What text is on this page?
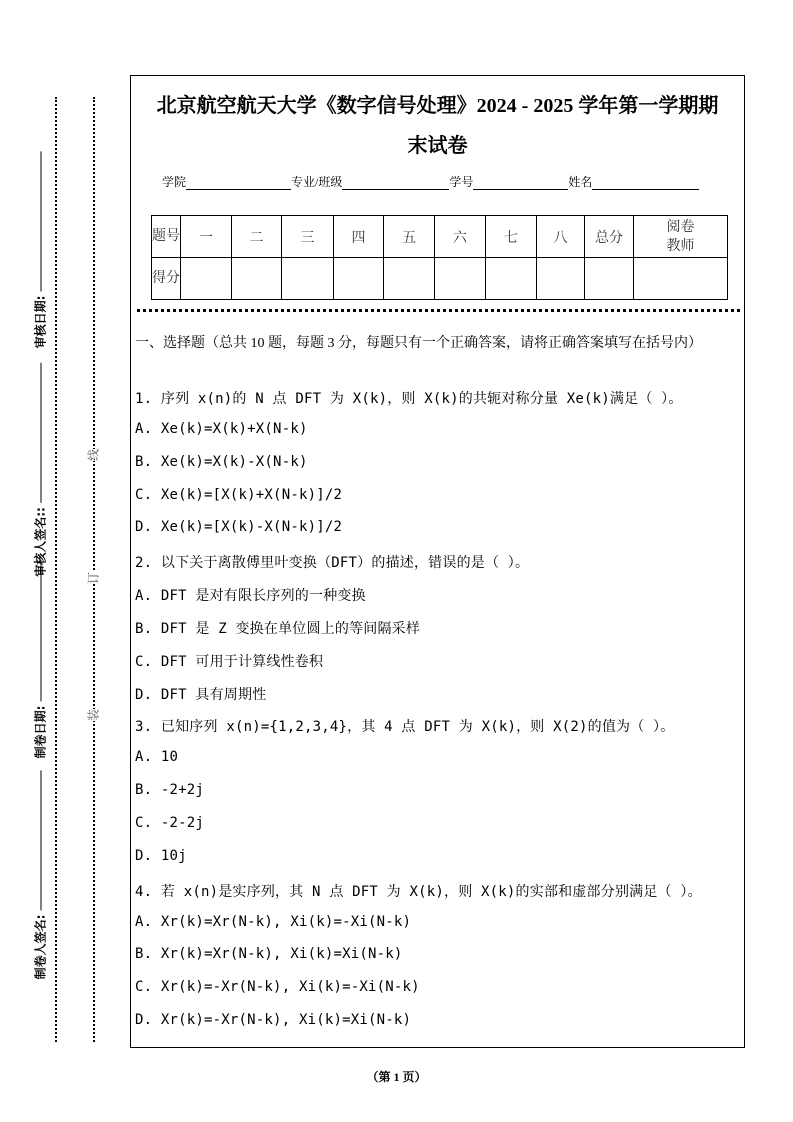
审核日期:
审核人签名::
制卷日期:
制卷人签名:
线
订
装
北京航空航天大学《数字信号处理》2024 - 2025 学年第一学期期
末试卷
学院	专业/班级	学号	姓名
题号	一	二	三	四	五	六	七	八	总分	阅卷教师
得分										
一、选择题（总共 10 题，每题 3 分，每题只有一个正确答案，请将正确答案填写在括号内）
1. 序列 x(n)的 N 点 DFT 为 X(k)，则 X(k)的共轭对称分量 Xe(k)满足（ ）。
A. Xe(k)=X(k)+X(N-k)
B. Xe(k)=X(k)-X(N-k)
C. Xe(k)=[X(k)+X(N-k)]/2
D. Xe(k)=[X(k)-X(N-k)]/2
2. 以下关于离散傅里叶变换（DFT）的描述，错误的是（ ）。
A. DFT 是对有限长序列的一种变换
B. DFT 是 Z 变换在单位圆上的等间隔采样
C. DFT 可用于计算线性卷积
D. DFT 具有周期性
3. 已知序列 x(n)={1,2,3,4}，其 4 点 DFT 为 X(k)，则 X(2)的值为（ ）。
A. 10
B. -2+2j
C. -2-2j
D. 10j
4. 若 x(n)是实序列，其 N 点 DFT 为 X(k)，则 X(k)的实部和虚部分别满足（ ）。
A. Xr(k)=Xr(N-k), Xi(k)=-Xi(N-k)
B. Xr(k)=Xr(N-k), Xi(k)=Xi(N-k)
C. Xr(k)=-Xr(N-k), Xi(k)=-Xi(N-k)
D. Xr(k)=-Xr(N-k), Xi(k)=Xi(N-k)
（第 1 页）
